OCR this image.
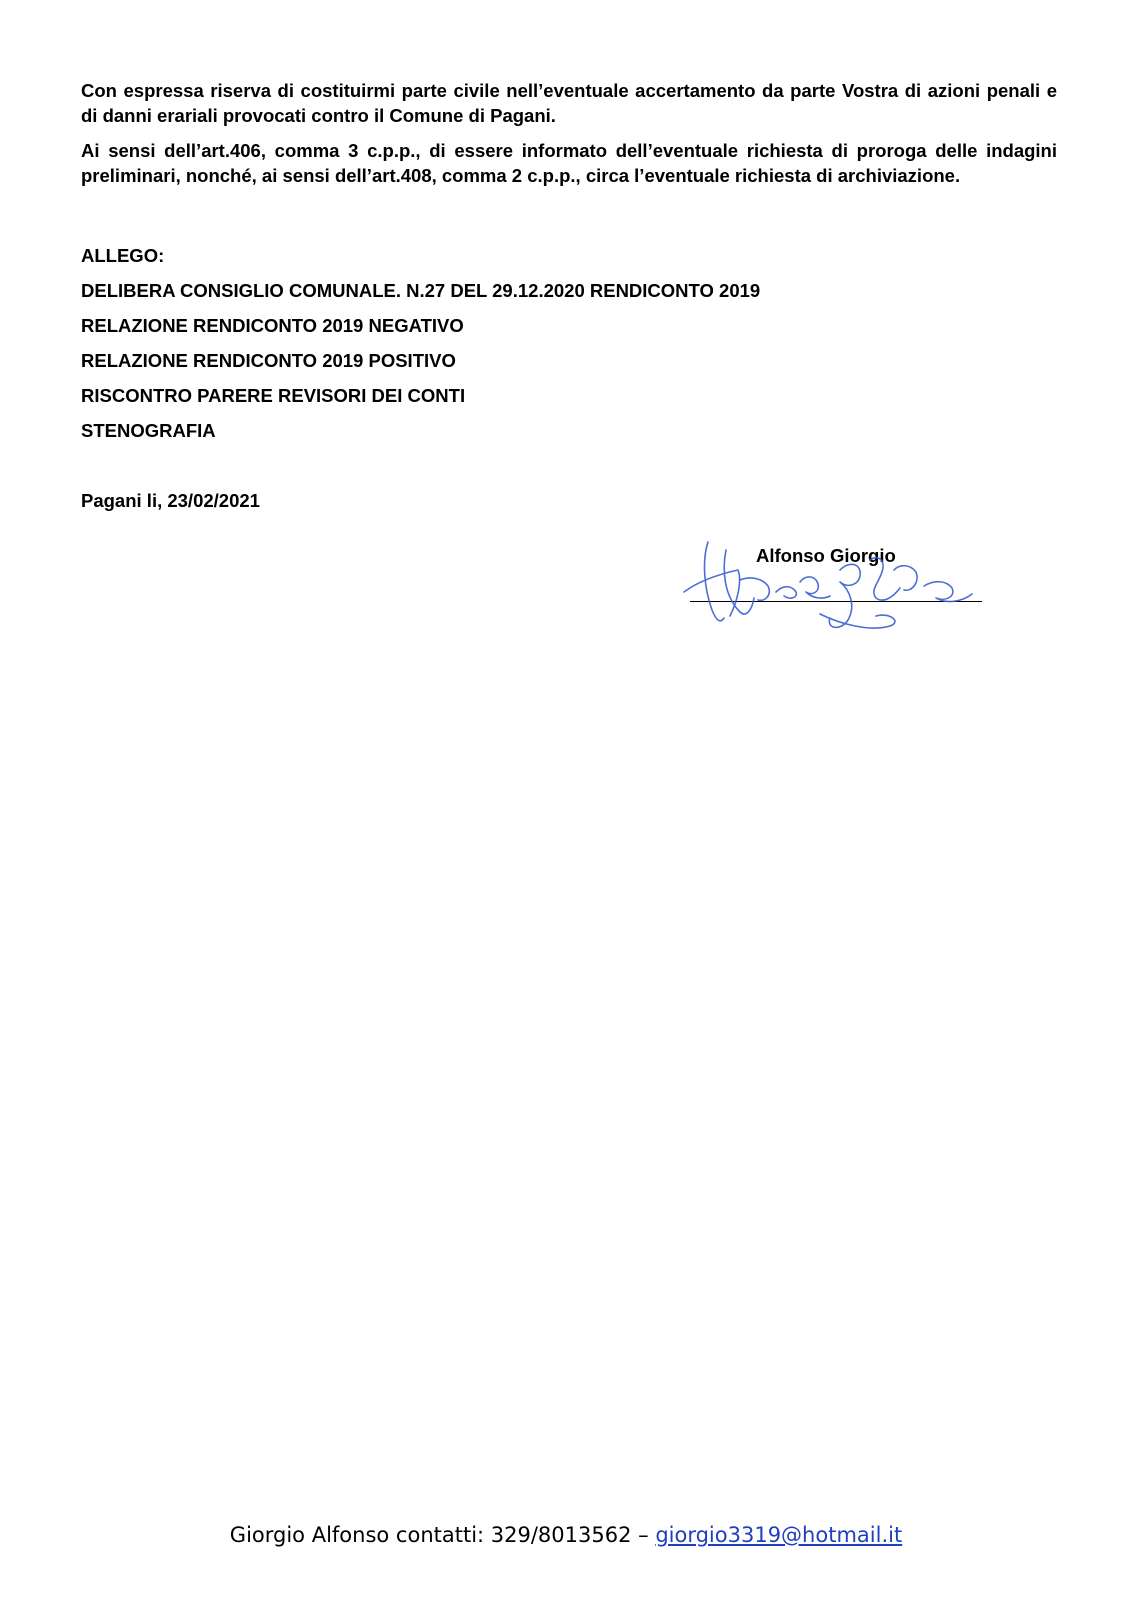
Con espressa riserva di costituirmi parte civile nell’eventuale accertamento da parte Vostra di azioni penali e di danni erariali provocati contro il Comune di Pagani.

Ai sensi dell’art.406, comma 3 c.p.p., di essere informato dell’eventuale richiesta di proroga delle indagini preliminari, nonché, ai sensi dell’art.408, comma 2 c.p.p., circa l’eventuale richiesta di archiviazione.

ALLEGO:
DELIBERA CONSIGLIO COMUNALE. N.27 DEL 29.12.2020 RENDICONTO 2019
RELAZIONE RENDICONTO 2019 NEGATIVO
RELAZIONE RENDICONTO 2019 POSITIVO
RISCONTRO PARERE REVISORI DEI CONTI
STENOGRAFIA
Pagani li, 23/02/2021
Alfonso Giorgio
Giorgio Alfonso contatti: 329/8013562 – giorgio3319@hotmail.it
